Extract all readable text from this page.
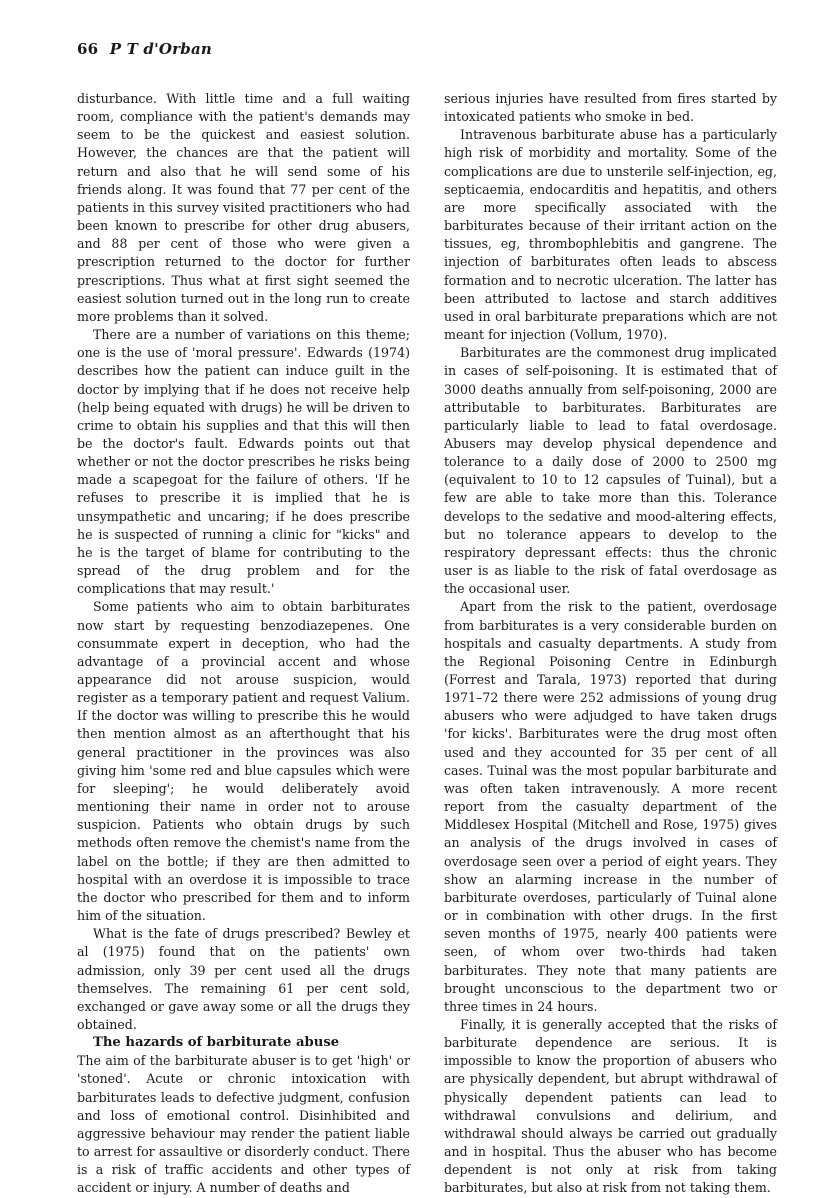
66 P T d'Orban

disturbance. With little time and a full waiting room, compliance with the patient's demands may seem to be the quickest and easiest solution. However, the chances are that the patient will return and also that he will send some of his friends along. It was found that 77 per cent of the patients in this survey visited practitioners who had been known to prescribe for other drug abusers, and 88 per cent of those who were given a prescription returned to the doctor for further prescriptions. Thus what at first sight seemed the easiest solution turned out in the long run to create more problems than it solved.

There are a number of variations on this theme; one is the use of 'moral pressure'. Edwards (1974) describes how the patient can induce guilt in the doctor by implying that if he does not receive help (help being equated with drugs) he will be driven to crime to obtain his supplies and that this will then be the doctor's fault. Edwards points out that whether or not the doctor prescribes he risks being made a scapegoat for the failure of others. 'If he refuses to prescribe it is implied that he is unsympathetic and uncaring; if he does prescribe he is suspected of running a clinic for "kicks" and he is the target of blame for contributing to the spread of the drug problem and for the complications that may result.'

Some patients who aim to obtain barbiturates now start by requesting benzodiazepenes. One consummate expert in deception, who had the advantage of a provincial accent and whose appearance did not arouse suspicion, would register as a temporary patient and request Valium. If the doctor was willing to prescribe this he would then mention almost as an afterthought that his general practitioner in the provinces was also giving him 'some red and blue capsules which were for sleeping'; he would deliberately avoid mentioning their name in order not to arouse suspicion. Patients who obtain drugs by such methods often remove the chemist's name from the label on the bottle; if they are then admitted to hospital with an overdose it is impossible to trace the doctor who prescribed for them and to inform him of the situation.

What is the fate of drugs prescribed? Bewley et al (1975) found that on the patients' own admission, only 39 per cent used all the drugs themselves. The remaining 61 per cent sold, exchanged or gave away some or all the drugs they obtained.

The hazards of barbiturate abuse

The aim of the barbiturate abuser is to get 'high' or 'stoned'. Acute or chronic intoxication with barbiturates leads to defective judgment, confusion and loss of emotional control. Disinhibited and aggressive behaviour may render the patient liable to arrest for assaultive or disorderly conduct. There is a risk of traffic accidents and other types of accident or injury. A number of deaths and

serious injuries have resulted from fires started by intoxicated patients who smoke in bed.

Intravenous barbiturate abuse has a particularly high risk of morbidity and mortality. Some of the complications are due to unsterile self-injection, eg, septicaemia, endocarditis and hepatitis, and others are more specifically associated with the barbiturates because of their irritant action on the tissues, eg, thrombophlebitis and gangrene. The injection of barbiturates often leads to abscess formation and to necrotic ulceration. The latter has been attributed to lactose and starch additives used in oral barbiturate preparations which are not meant for injection (Vollum, 1970).

Barbiturates are the commonest drug implicated in cases of self-poisoning. It is estimated that of 3000 deaths annually from self-poisoning, 2000 are attributable to barbiturates. Barbiturates are particularly liable to lead to fatal overdosage. Abusers may develop physical dependence and tolerance to a daily dose of 2000 to 2500 mg (equivalent to 10 to 12 capsules of Tuinal), but a few are able to take more than this. Tolerance develops to the sedative and mood-altering effects, but no tolerance appears to develop to the respiratory depressant effects: thus the chronic user is as liable to the risk of fatal overdosage as the occasional user.

Apart from the risk to the patient, overdosage from barbiturates is a very considerable burden on hospitals and casualty departments. A study from the Regional Poisoning Centre in Edinburgh (Forrest and Tarala, 1973) reported that during 1971–72 there were 252 admissions of young drug abusers who were adjudged to have taken drugs 'for kicks'. Barbiturates were the drug most often used and they accounted for 35 per cent of all cases. Tuinal was the most popular barbiturate and was often taken intravenously. A more recent report from the casualty department of the Middlesex Hospital (Mitchell and Rose, 1975) gives an analysis of the drugs involved in cases of overdosage seen over a period of eight years. They show an alarming increase in the number of barbiturate overdoses, particularly of Tuinal alone or in combination with other drugs. In the first seven months of 1975, nearly 400 patients were seen, of whom over two-thirds had taken barbiturates. They note that many patients are brought unconscious to the department two or three times in 24 hours.

Finally, it is generally accepted that the risks of barbiturate dependence are serious. It is impossible to know the proportion of abusers who are physically dependent, but abrupt withdrawal of physically dependent patients can lead to withdrawal convulsions and delirium, and withdrawal should always be carried out gradually and in hospital. Thus the abuser who has become dependent is not only at risk from taking barbiturates, but also at risk from not taking them.
